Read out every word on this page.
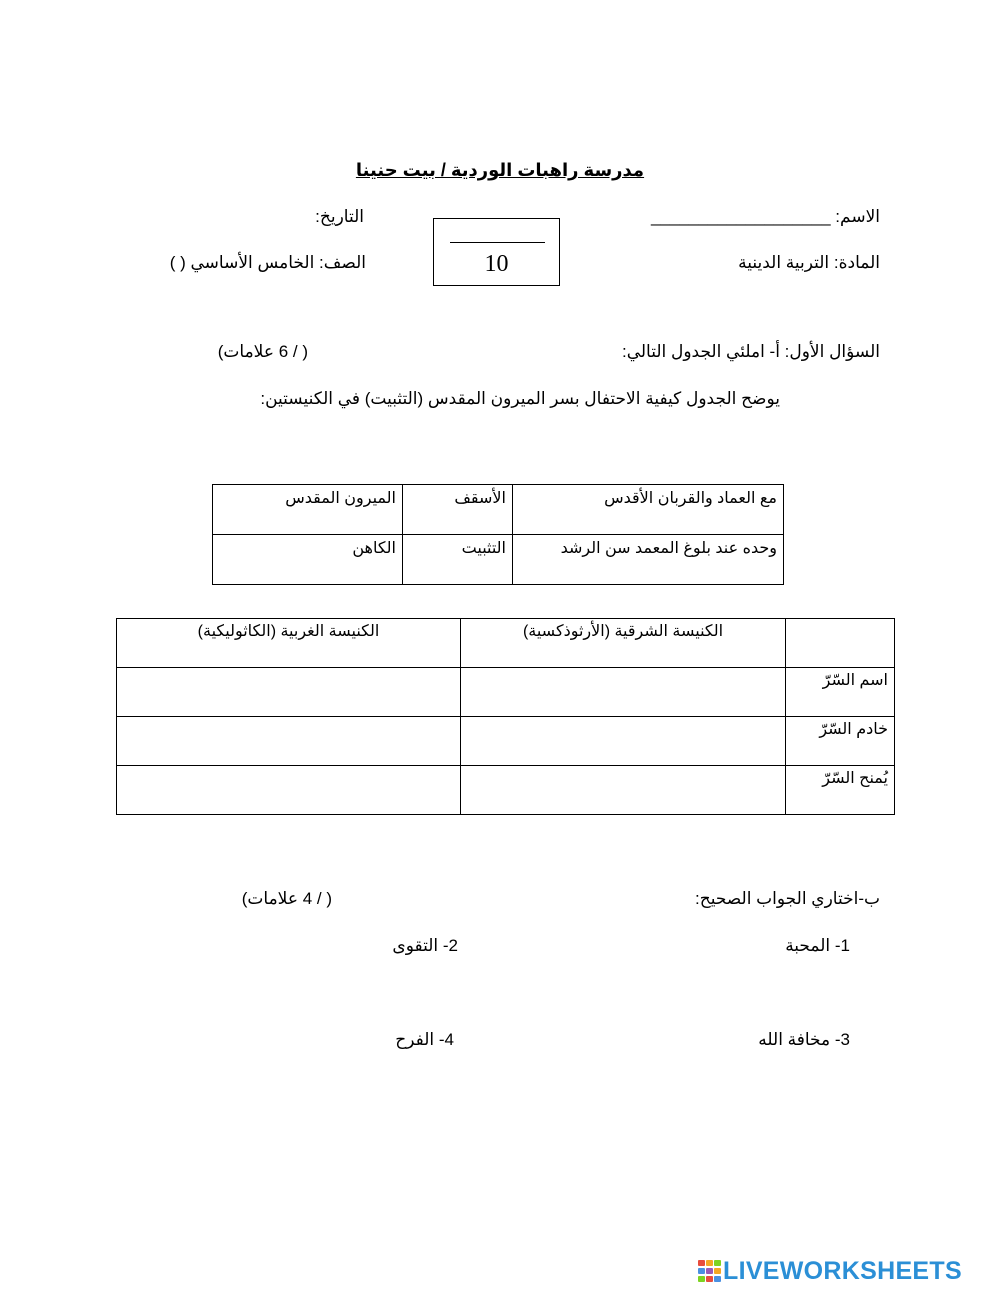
مدرسة راهبات الوردية / بيت حنينا
الاسم: ___________________
التاريخ:
المادة: التربية الدينية
الصف: الخامس الأساسي ( )	10
السؤال الأول: أ- املئي الجدول التالي:
( / 6 علامات)
يوضح الجدول كيفية الاحتفال بسر الميرون المقدس (التثبيت) في الكنيستين:
مع العماد والقربان الأقدس	الأسقف	الميرون المقدس
وحده عند بلوغ المعمد سن الرشد	التثبيت	الكاهن
	الكنيسة الشرقية (الأرثوذكسية)	الكنيسة الغربية (الكاثوليكية)
اسم السّرّ		
خادم السّرّ		
يُمنح السّرّ		
ب-اختاري الجواب الصحيح:
( / 4 علامات)
1- المحبة
2- التقوى
3- مخافة الله
4- الفرح
LIVEWORKSHEETS
